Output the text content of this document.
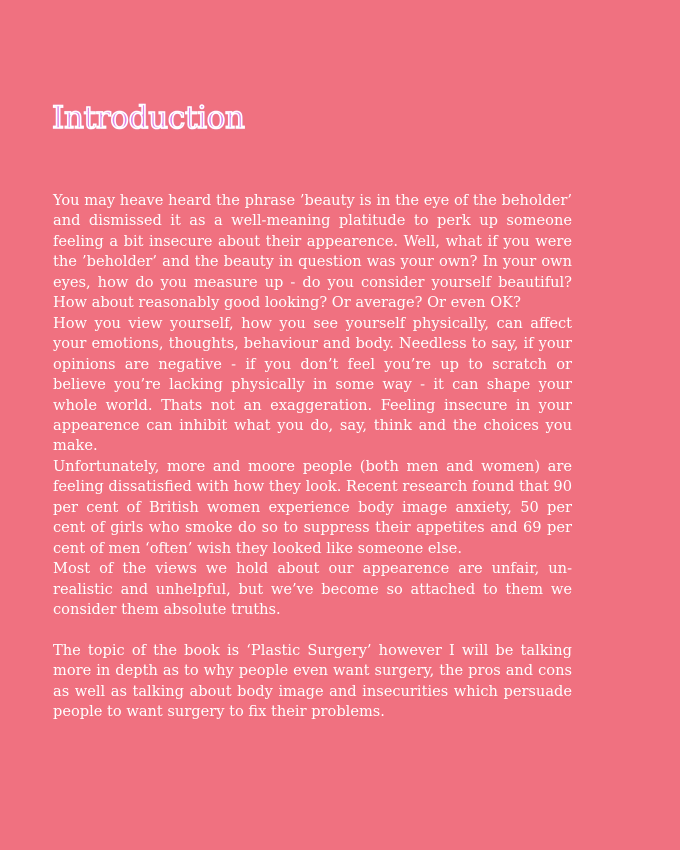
Introduction

You may heave heard the phrase ’beauty is in the eye of the beholder’ and dismissed it as a well-meaning platitude to perk up someone feeling a bit insecure about their appearence. Well, what if you were the ’beholder’ and the beauty in question was your own? In your own eyes, how do you measure up - do you consider yourself beautiful? How about reasonably good looking? Or average? Or even OK?

How you view yourself, how you see yourself physically, can affect your emotions, thoughts, behaviour and body. Needless to say, if your opinions are negative - if you don’t feel you’re up to scratch or believe you’re lacking physically in some way - it can shape your whole world. Thats not an exaggeration. Feeling insecure in your appearence can inhibit what you do, say, think and the choices you make.

Unfortunately, more and moore people (both men and women) are feeling dissatisfied with how they look. Recent research found that 90 per cent of British women experience body image anxiety, 50 per cent of girls who smoke do so to suppress their appetites and 69 per cent of men ‘often’ wish they looked like someone else.

Most of the views we hold about our appearence are unfair, unrealistic and unhelpful, but we’ve become so attached to them we consider them absolute truths.

The topic of the book is ‘Plastic Surgery’ however I will be talking more in depth as to why people even want surgery, the pros and cons as well as talking about body image and insecurities which persuade people to want surgery to fix their problems.
